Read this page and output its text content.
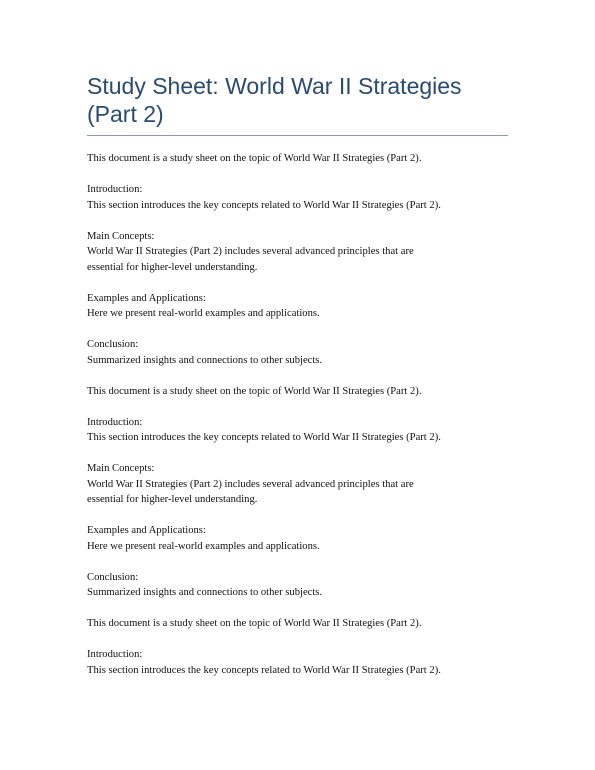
Study Sheet: World War II Strategies
(Part 2)
This document is a study sheet on the topic of World War II Strategies (Part 2).
Introduction:
This section introduces the key concepts related to World War II Strategies (Part 2).
Main Concepts:
World War II Strategies (Part 2) includes several advanced principles that are
essential for higher-level understanding.
Examples and Applications:
Here we present real-world examples and applications.
Conclusion:
Summarized insights and connections to other subjects.
This document is a study sheet on the topic of World War II Strategies (Part 2).
Introduction:
This section introduces the key concepts related to World War II Strategies (Part 2).
Main Concepts:
World War II Strategies (Part 2) includes several advanced principles that are
essential for higher-level understanding.
Examples and Applications:
Here we present real-world examples and applications.
Conclusion:
Summarized insights and connections to other subjects.
This document is a study sheet on the topic of World War II Strategies (Part 2).
Introduction:
This section introduces the key concepts related to World War II Strategies (Part 2).
